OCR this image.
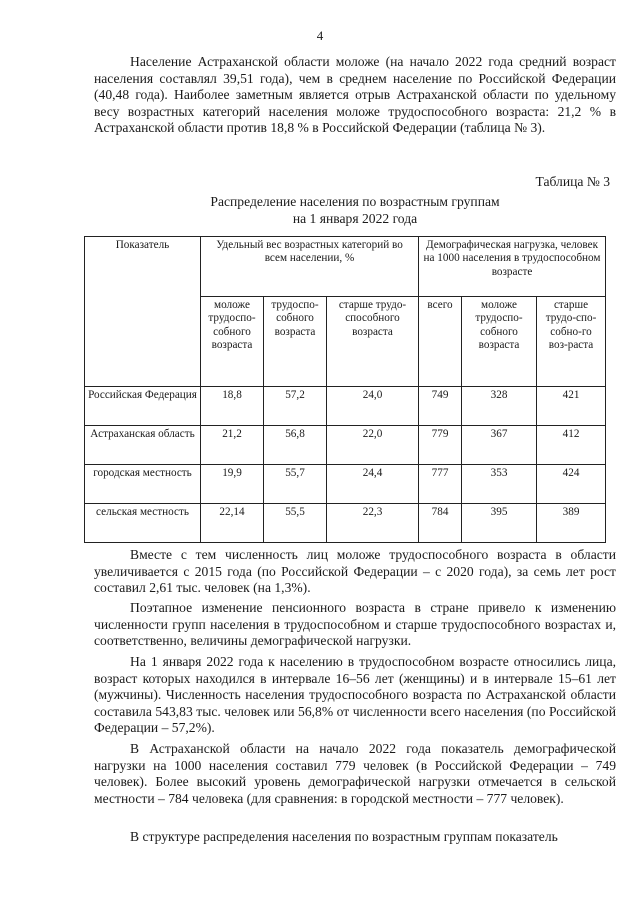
4

Население Астраханской области моложе (на начало 2022 года средний возраст населения составлял 39,51 года), чем в среднем население по Российской Федерации (40,48 года). Наиболее заметным является отрыв Астраханской области по удельному весу возрастных категорий населения моложе трудоспособного возраста: 21,2 % в Астраханской области против 18,8 % в Российской Федерации (таблица № 3).

Таблица № 3
Распределение населения по возрастным группам
на 1 января 2022 года
Показатель	Удельный вес возрастных категорий во всем населении, %			Демографическая нагрузка, человек на 1000 населения в трудоспособном возрасте		
	моложе трудоспо-собного возраста	трудоспо-собного возраста	старше трудо-способного возраста	всего	моложе трудоспо-собного возраста	старше трудо-спо-собно-го воз-раста
Российская Федерация	18,8	57,2	24,0	749	328	421
Астраханская область	21,2	56,8	22,0	779	367	412
городская местность	19,9	55,7	24,4	777	353	424
сельская местность	22,14	55,5	22,3	784	395	389

Вместе с тем численность лиц моложе трудоспособного возраста в области увеличивается с 2015 года (по Российской Федерации – с 2020 года), за семь лет рост составил 2,61 тыс. человек (на 1,3%).

Поэтапное изменение пенсионного возраста в стране привело к изменению численности групп населения в трудоспособном и старше трудоспособного возрастах и, соответственно, величины демографической нагрузки.

На 1 января 2022 года к населению в трудоспособном возрасте относились лица, возраст которых находился в интервале 16–56 лет (женщины) и в интервале 15–61 лет (мужчины). Численность населения трудоспособного возраста по Астраханской области составила 543,83 тыс. человек или 56,8% от численности всего населения (по Российской Федерации – 57,2%).

В Астраханской области на начало 2022 года показатель демографической нагрузки на 1000 населения составил 779 человек (в Российской Федерации – 749 человек). Более высокий уровень демографической нагрузки отмечается в сельской местности – 784 человека (для сравнения: в городской местности – 777 человек).

В структуре распределения населения по возрастным группам показатель
